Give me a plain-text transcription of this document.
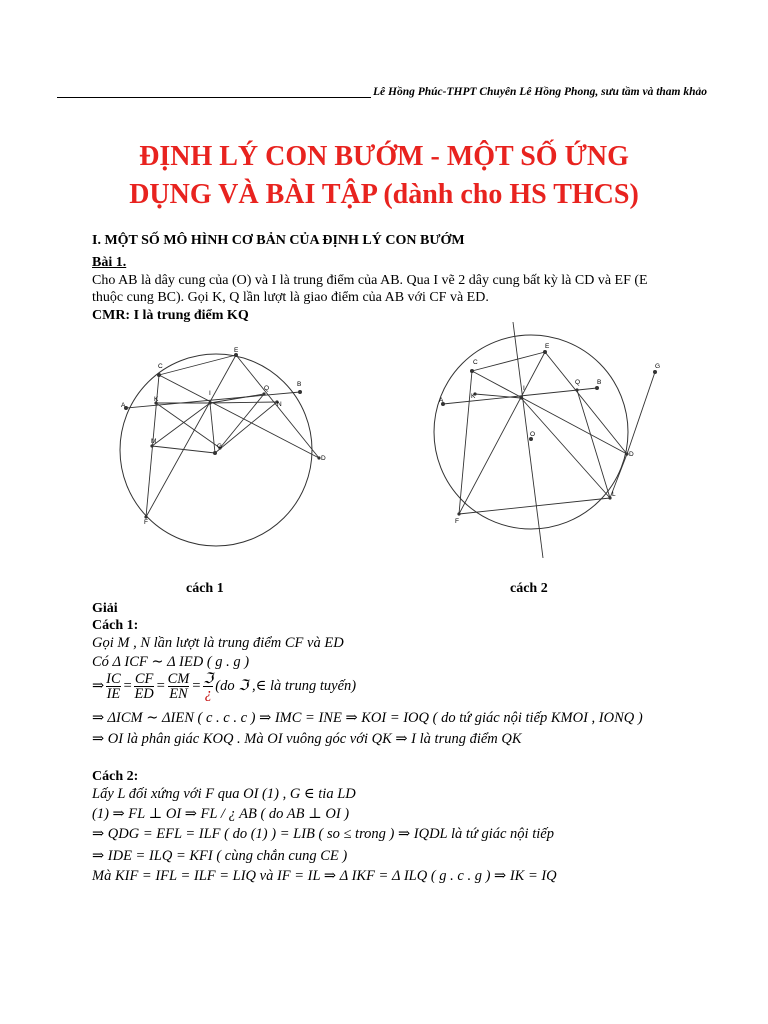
Lê Hồng Phúc-THPT Chuyên Lê Hồng Phong, sưu tầm và tham khảo
ĐỊNH LÝ CON BƯỚM - MỘT SỐ ỨNG
DỤNG VÀ BÀI TẬP (dành cho HS THCS)
I. MỘT SỐ MÔ HÌNH CƠ BẢN CỦA ĐỊNH LÝ CON BƯỚM
Bài 1.
Cho AB là dây cung của (O) và I là trung điểm của AB. Qua I vẽ 2 dây cung bất kỳ là CD và EF (E
thuộc cung BC). Gọi K, Q lần lượt là giao điểm của AB với CF và ED.
CMR: I là trung điểm KQ
C
E
A
K
I
Q
B
N
M
G
D
F
C
E
G
A
K
I
Q	B
O
D
F
L
cách 1	cách 2
Giải
Cách 1:
Gọi M , N lần lượt là trung điểm CF và ED
Có Δ ICF ∼ Δ IED ( g . g )
⇒ $\frac{IC}{IE} = \frac{CF}{ED} = \frac{CM}{EN} = \frac{\text{ℑ}}{¿} (do$ ℑ ,∈ là trung tuyến)
⇒ ΔICM ∼ ΔIEN ( c . c . c ) ⇒ IMC = INE ⇒ KOI = IOQ ( do tứ giác nội tiếp KMOI , IONQ )
⇒ OI là phân giác KOQ . Mà OI vuông góc với QK ⇒ I là trung điểm QK
Cách 2:
Lấy L đối xứng với F qua OI (1) , G ∈ tia LD
(1) ⇒ FL ⊥ OI ⇒ FL / ¿ AB ( do AB ⊥ OI )
⇒ QDG = EFL = ILF ( do (1) ) = LIB ( so ≤ trong ) ⇒ IQDL là tứ giác nội tiếp
⇒ IDE = ILQ = KFI ( cùng chắn cung CE )
Mà KIF = IFL = ILF = LIQ và IF = IL ⇒ Δ IKF = Δ ILQ ( g . c . g ) ⇒ IK = IQ
